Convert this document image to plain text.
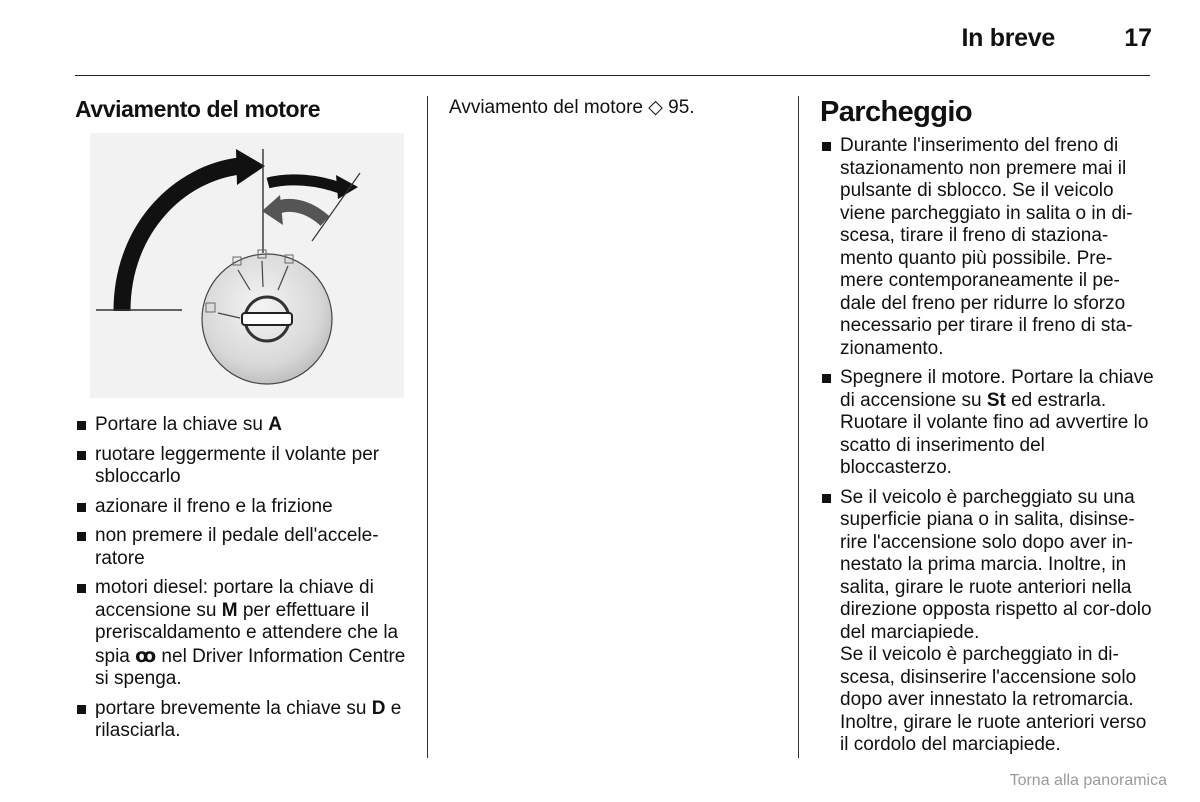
In breve	17
Avviamento del motore
Portare la chiave su A
ruotare leggermente il volante per sbloccarlo
azionare il freno e la frizione
non premere il pedale dell'accele-ratore
motori diesel: portare la chiave di accensione su M per effettuare il preriscaldamento e attendere che la spia ꝏ nel Driver Information Centre si spenga.
portare brevemente la chiave su D e rilasciarla.

Avviamento del motore ◇ 95.	Parcheggio
Durante l'inserimento del freno di stazionamento non premere mai il pulsante di sblocco. Se il veicolo viene parcheggiato in salita o in di-scesa, tirare il freno di staziona-mento quanto più possibile. Pre-mere contemporaneamente il pe-dale del freno per ridurre lo sforzo necessario per tirare il freno di sta-zionamento.
Spegnere il motore. Portare la chiave di accensione su St ed estrarla. Ruotare il volante fino ad avvertire lo scatto di inserimento del bloccasterzo.
Se il veicolo è parcheggiato su una superficie piana o in salita, disinse-rire l'accensione solo dopo aver in-nestato la prima marcia. Inoltre, in salita, girare le ruote anteriori nella direzione opposta rispetto al cor-dolo del marciapiede.

Se il veicolo è parcheggiato in di-scesa, disinserire l'accensione solo dopo aver innestato la retromarcia. Inoltre, girare le ruote anteriori verso il cordolo del marciapiede.

Torna alla panoramica
